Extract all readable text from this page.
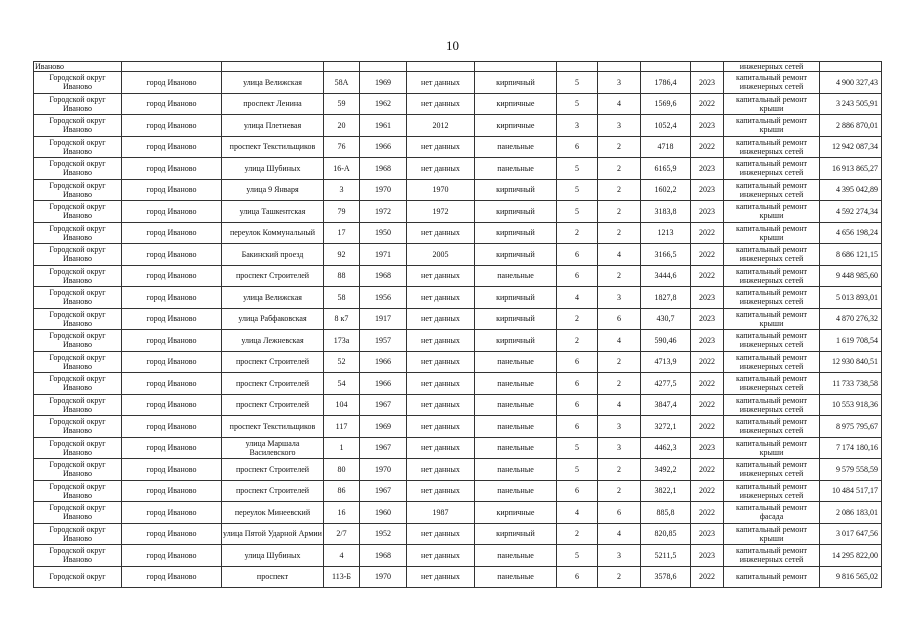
10
Иваново											инженерных сетей	
Городской округ Иваново	город Иваново	улица Велижская	58А	1969	нет данных	кирпичный	5	3	1786,4	2023	капитальный ремонт инженерных сетей	4 900 327,43
Городской округ Иваново	город Иваново	проспект Ленина	59	1962	нет данных	кирпичные	5	4	1569,6	2022	капитальный ремонт крыши	3 243 505,91
Городской округ Иваново	город Иваново	улица Плетневая	20	1961	2012	кирпичные	3	3	1052,4	2023	капитальный ремонт крыши	2 886 870,01
Городской округ Иваново	город Иваново	проспект Текстильщиков	76	1966	нет данных	панельные	6	2	4718	2022	капитальный ремонт инженерных сетей	12 942 087,34
Городской округ Иваново	город Иваново	улица Шубиных	16-А	1968	нет данных	панельные	5	2	6165,9	2023	капитальный ремонт инженерных сетей	16 913 865,27
Городской округ Иваново	город Иваново	улица 9 Января	3	1970	1970	кирпичный	5	2	1602,2	2023	капитальный ремонт инженерных сетей	4 395 042,89
Городской округ Иваново	город Иваново	улица Ташкентская	79	1972	1972	кирпичный	5	2	3183,8	2023	капитальный ремонт крыши	4 592 274,34
Городской округ Иваново	город Иваново	переулок Коммунальный	17	1950	нет данных	кирпичный	2	2	1213	2022	капитальный ремонт крыши	4 656 198,24
Городской округ Иваново	город Иваново	Бакинский проезд	92	1971	2005	кирпичный	6	4	3166,5	2022	капитальный ремонт инженерных сетей	8 686 121,15
Городской округ Иваново	город Иваново	проспект Строителей	88	1968	нет данных	панельные	6	2	3444,6	2022	капитальный ремонт инженерных сетей	9 448 985,60
Городской округ Иваново	город Иваново	улица Велижская	58	1956	нет данных	кирпичный	4	3	1827,8	2023	капитальный ремонт инженерных сетей	5 013 893,01
Городской округ Иваново	город Иваново	улица Рабфаковская	8 к7	1917	нет данных	кирпичный	2	6	430,7	2023	капитальный ремонт крыши	4 870 276,32
Городской округ Иваново	город Иваново	улица Лежневская	173а	1957	нет данных	кирпичный	2	4	590,46	2023	капитальный ремонт инженерных сетей	1 619 708,54
Городской округ Иваново	город Иваново	проспект Строителей	52	1966	нет данных	панельные	6	2	4713,9	2022	капитальный ремонт инженерных сетей	12 930 840,51
Городской округ Иваново	город Иваново	проспект Строителей	54	1966	нет данных	панельные	6	2	4277,5	2022	капитальный ремонт инженерных сетей	11 733 738,58
Городской округ Иваново	город Иваново	проспект Строителей	104	1967	нет данных	панельные	6	4	3847,4	2022	капитальный ремонт инженерных сетей	10 553 918,36
Городской округ Иваново	город Иваново	проспект Текстильщиков	117	1969	нет данных	панельные	6	3	3272,1	2022	капитальный ремонт инженерных сетей	8 975 795,67
Городской округ Иваново	город Иваново	улица Маршала Василевского	1	1967	нет данных	панельные	5	3	4462,3	2023	капитальный ремонт крыши	7 174 180,16
Городской округ Иваново	город Иваново	проспект Строителей	80	1970	нет данных	панельные	5	2	3492,2	2022	капитальный ремонт инженерных сетей	9 579 558,59
Городской округ Иваново	город Иваново	проспект Строителей	86	1967	нет данных	панельные	6	2	3822,1	2022	капитальный ремонт инженерных сетей	10 484 517,17
Городской округ Иваново	город Иваново	переулок Минеевский	16	1960	1987	кирпичные	4	6	885,8	2022	капитальный ремонт фасада	2 086 183,01
Городской округ Иваново	город Иваново	улица Пятой Ударной Армии	2/7	1952	нет данных	кирпичный	2	4	820,85	2023	капитальный ремонт крыши	3 017 647,56
Городской округ Иваново	город Иваново	улица Шубиных	4	1968	нет данных	панельные	5	3	5211,5	2023	капитальный ремонт инженерных сетей	14 295 822,00
Городской округ	город Иваново	проспект	113-Б	1970	нет данных	панельные	6	2	3578,6	2022	капитальный ремонт	9 816 565,02
